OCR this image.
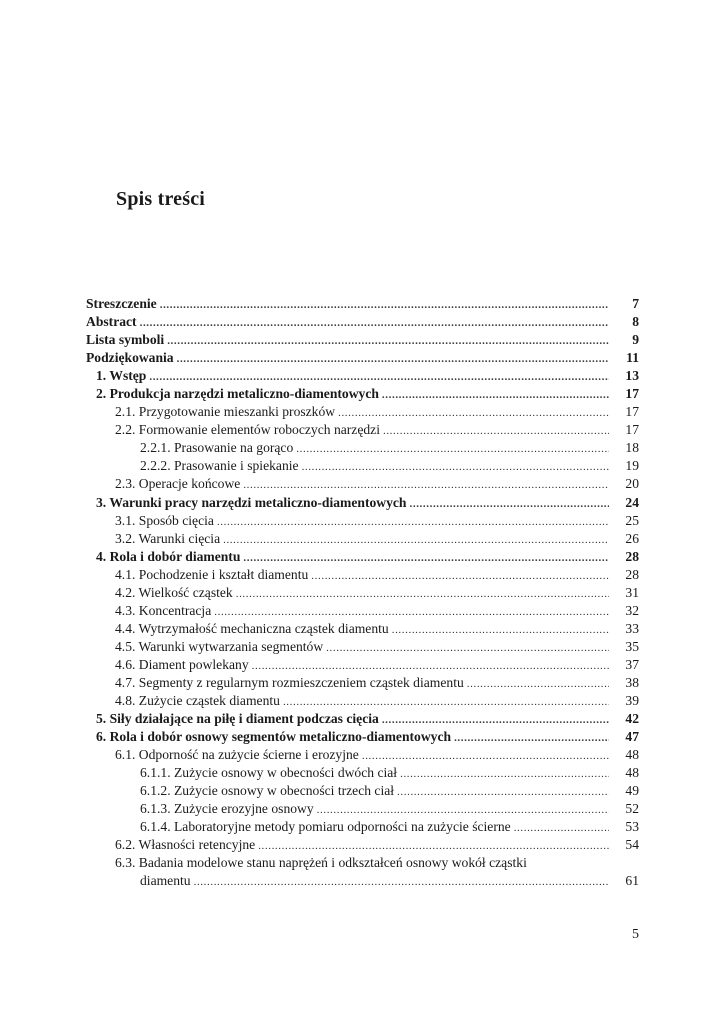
Spis treści
Streszczenie .....	7
Abstract .....	8
Lista symboli .....	9
Podziękowania .....	11
1. Wstęp .....	13
2. Produkcja narzędzi metaliczno-diamentowych .....	17
2.1. Przygotowanie mieszanki proszków .....	17
2.2. Formowanie elementów roboczych narzędzi .....	17
2.2.1. Prasowanie na gorąco .....	18
2.2.2. Prasowanie i spiekanie .....	19
2.3. Operacje końcowe .....	20
3. Warunki pracy narzędzi metaliczno-diamentowych .....	24
3.1. Sposób cięcia .....	25
3.2. Warunki cięcia .....	26
4. Rola i dobór diamentu .....	28
4.1. Pochodzenie i kształt diamentu .....	28
4.2. Wielkość cząstek .....	31
4.3. Koncentracja .....	32
4.4. Wytrzymałość mechaniczna cząstek diamentu .....	33
4.5. Warunki wytwarzania segmentów .....	35
4.6. Diament powlekany .....	37
4.7. Segmenty z regularnym rozmieszczeniem cząstek diamentu .....	38
4.8. Zużycie cząstek diamentu .....	39
5. Siły działające na piłę i diament podczas cięcia .....	42
6. Rola i dobór osnowy segmentów metaliczno-diamentowych .....	47
6.1. Odporność na zużycie ścierne i erozyjne .....	48
6.1.1. Zużycie osnowy w obecności dwóch ciał .....	48
6.1.2. Zużycie osnowy w obecności trzech ciał .....	49
6.1.3. Zużycie erozyjne osnowy .....	52
6.1.4. Laboratoryjne metody pomiaru odporności na zużycie ścierne .....	53
6.2. Własności retencyjne .....	54
6.3. Badania modelowe stanu naprężeń i odkształceń osnowy wokół cząstki
diamentu .....	61
5
